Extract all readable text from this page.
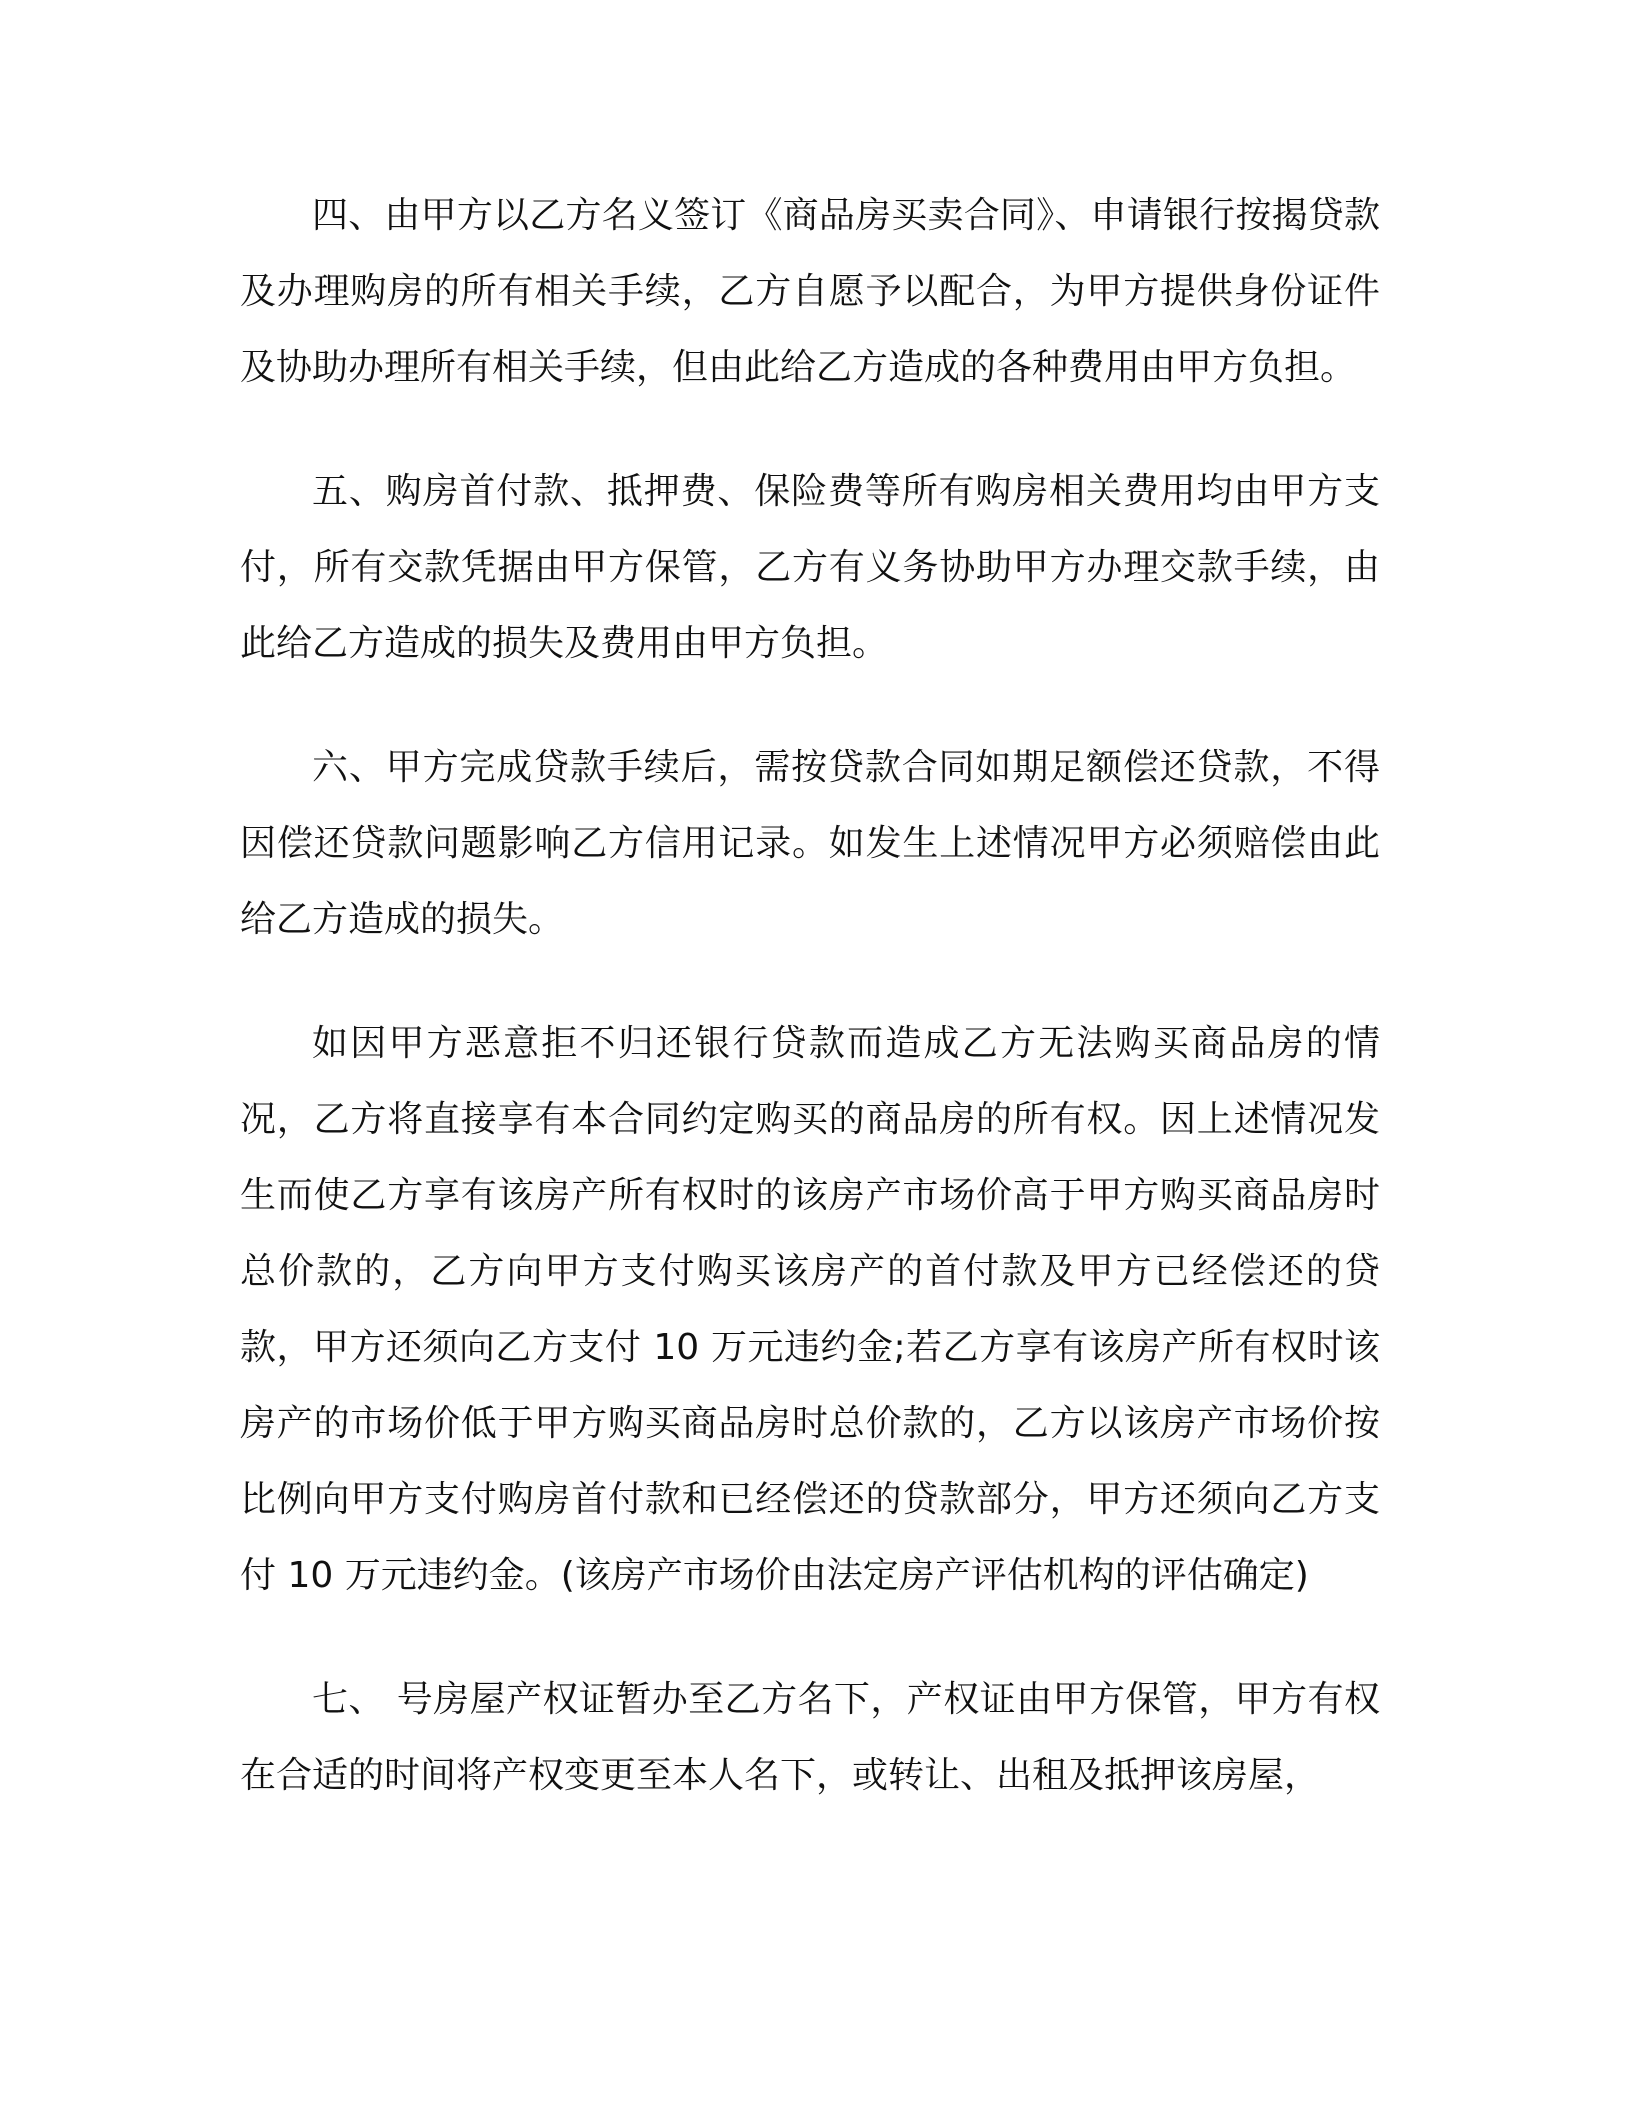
四、由甲方以乙方名义签订《商品房买卖合同》、申请银行按揭贷款及办理购房的所有相关手续，乙方自愿予以配合，为甲方提供身份证件及协助办理所有相关手续，但由此给乙方造成的各种费用由甲方负担。

五、购房首付款、抵押费、保险费等所有购房相关费用均由甲方支付，所有交款凭据由甲方保管，乙方有义务协助甲方办理交款手续，由此给乙方造成的损失及费用由甲方负担。

六、甲方完成贷款手续后，需按贷款合同如期足额偿还贷款，不得因偿还贷款问题影响乙方信用记录。如发生上述情况甲方必须赔偿由此给乙方造成的损失。

如因甲方恶意拒不归还银行贷款而造成乙方无法购买商品房的情况，乙方将直接享有本合同约定购买的商品房的所有权。因上述情况发生而使乙方享有该房产所有权时的该房产市场价高于甲方购买商品房时总价款的，乙方向甲方支付购买该房产的首付款及甲方已经偿还的贷款，甲方还须向乙方支付 10 万元违约金;若乙方享有该房产所有权时该房产的市场价低于甲方购买商品房时总价款的，乙方以该房产市场价按比例向甲方支付购房首付款和已经偿还的贷款部分，甲方还须向乙方支付 10 万元违约金。(该房产市场价由法定房产评估机构的评估确定)

七、 号房屋产权证暂办至乙方名下，产权证由甲方保管，甲方有权在合适的时间将产权变更至本人名下，或转让、出租及抵押该房屋，
